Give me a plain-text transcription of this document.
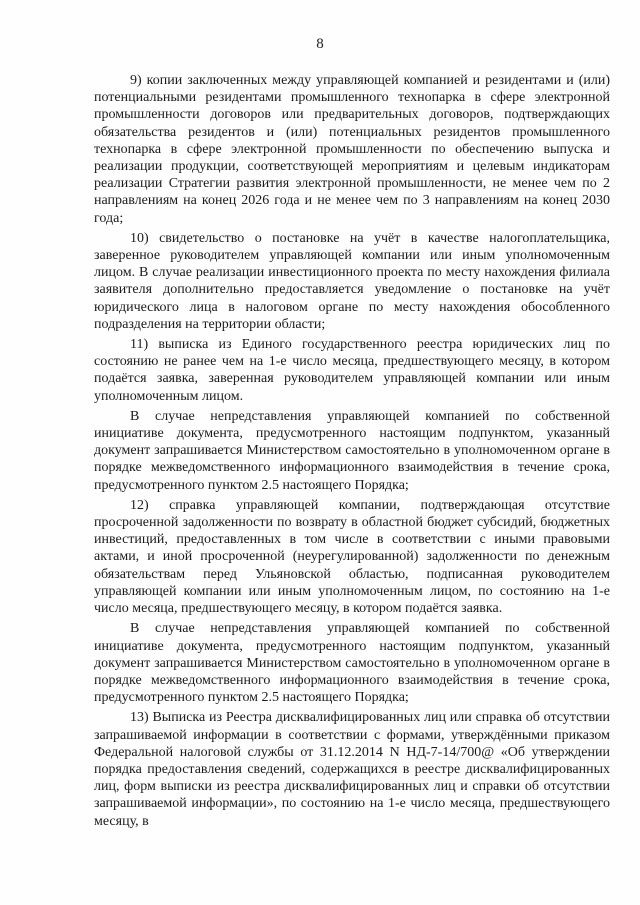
8

9) копии заключенных между управляющей компанией и резидентами и (или) потенциальными резидентами промышленного технопарка в сфере электронной промышленности договоров или предварительных договоров, подтверждающих обязательства резидентов и (или) потенциальных резидентов промышленного технопарка в сфере электронной промышленности по обеспечению выпуска и реализации продукции, соответствующей мероприятиям и целевым индикаторам реализации Стратегии развития электронной промышленности, не менее чем по 2 направлениям на конец 2026 года и не менее чем по 3 направлениям на конец 2030 года;

10) свидетельство о постановке на учёт в качестве налогоплательщика, заверенное руководителем управляющей компании или иным уполномоченным лицом. В случае реализации инвестиционного проекта по месту нахождения филиала заявителя дополнительно предоставляется уведомление о постановке на учёт юридического лица в налоговом органе по месту нахождения обособленного подразделения на территории области;

11) выписка из Единого государственного реестра юридических лиц по состоянию не ранее чем на 1-е число месяца, предшествующего месяцу, в котором подаётся заявка, заверенная руководителем управляющей компании или иным уполномоченным лицом.

В случае непредставления управляющей компанией по собственной инициативе документа, предусмотренного настоящим подпунктом, указанный документ запрашивается Министерством самостоятельно в уполномоченном органе в порядке межведомственного информационного взаимодействия в течение срока, предусмотренного пунктом 2.5 настоящего Порядка;

12) справка управляющей компании, подтверждающая отсутствие просроченной задолженности по возврату в областной бюджет субсидий, бюджетных инвестиций, предоставленных в том числе в соответствии с иными правовыми актами, и иной просроченной (неурегулированной) задолженности по денежным обязательствам перед Ульяновской областью, подписанная руководителем управляющей компании или иным уполномоченным лицом, по состоянию на 1-е число месяца, предшествующего месяцу, в котором подаётся заявка.

В случае непредставления управляющей компанией по собственной инициативе документа, предусмотренного настоящим подпунктом, указанный документ запрашивается Министерством самостоятельно в уполномоченном органе в порядке межведомственного информационного взаимодействия в течение срока, предусмотренного пунктом 2.5 настоящего Порядка;

13) Выписка из Реестра дисквалифицированных лиц или справка об отсутствии запрашиваемой информации в соответствии с формами, утверждёнными приказом Федеральной налоговой службы от 31.12.2014 N НД-7-14/700@ «Об утверждении порядка предоставления сведений, содержащихся в реестре дисквалифицированных лиц, форм выписки из реестра дисквалифицированных лиц и справки об отсутствии запрашиваемой информации», по состоянию на 1-е число месяца, предшествующего месяцу, в
